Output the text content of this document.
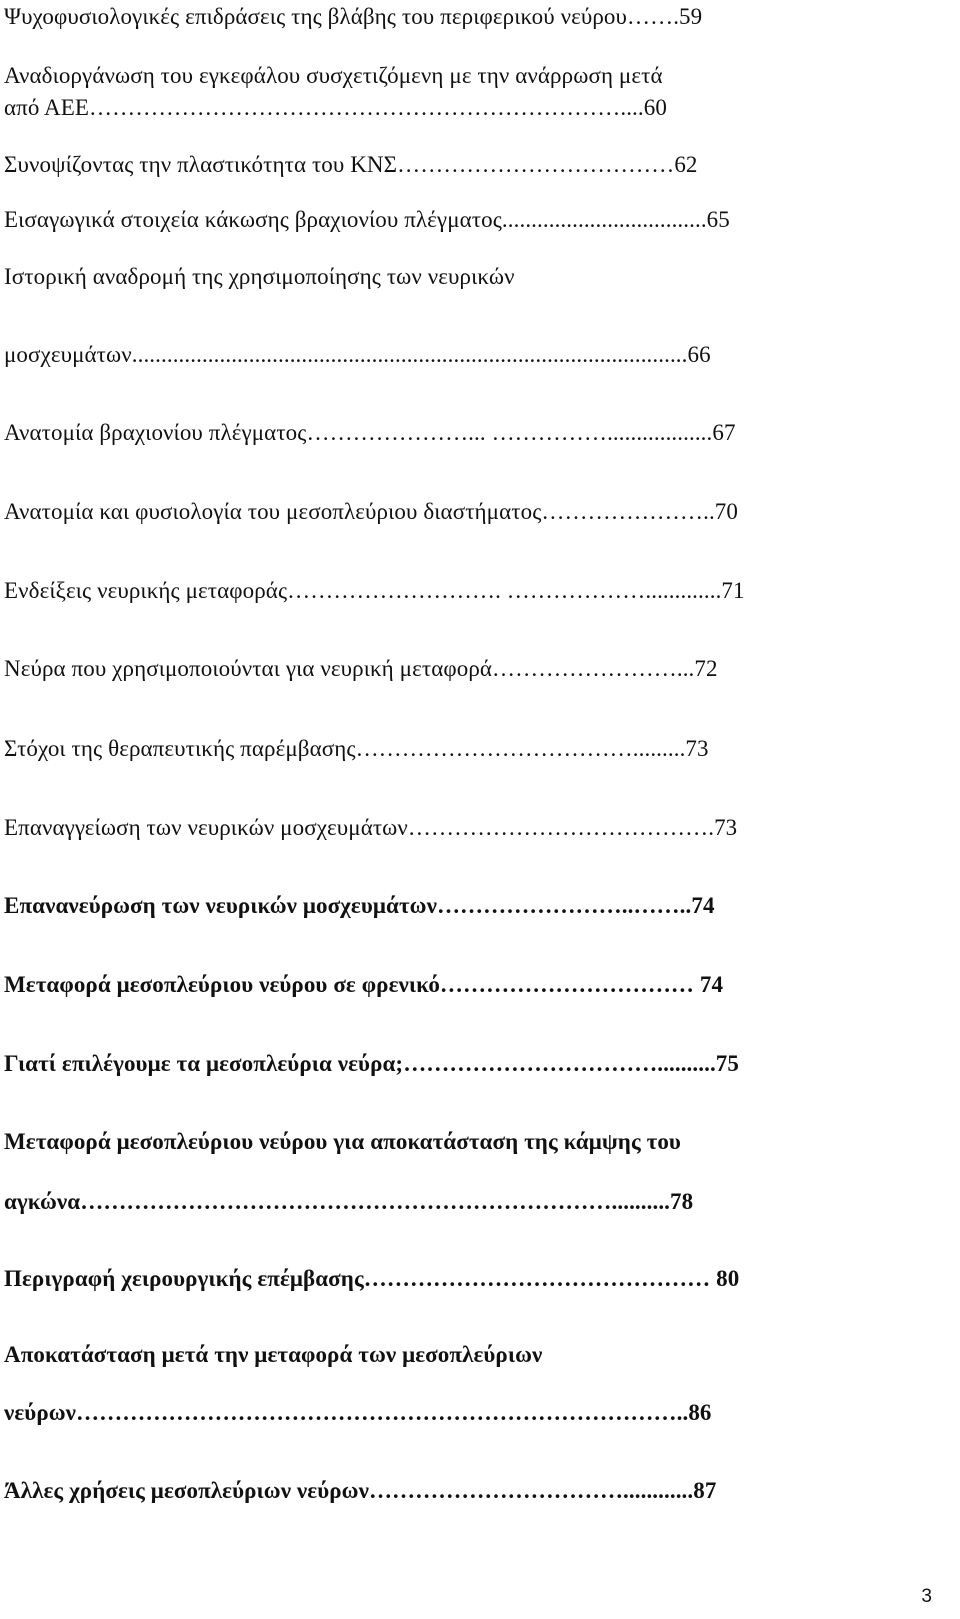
Ψυχοφυσιολογικές επιδράσεις της βλάβης του περιφερικού νεύρου…….59
Αναδιοργάνωση του εγκεφάλου συσχετιζόμενη με την ανάρρωση μετά
από ΑΕΕ……………………………………………………………....60
Συνοψίζοντας την πλαστικότητα του ΚΝΣ………………………………62
Εισαγωγικά στοιχεία κάκωσης βραχιονίου πλέγματος...................................65
Ιστορική αναδρομή της χρησιμοποίησης των νευρικών
μοσχευμάτων...............................................................................................66
Ανατομία βραχιονίου πλέγματος…………………... ……………..................67
Ανατομία και φυσιολογία του μεσοπλεύριου διαστήματος…………………..70
Ενδείξεις νευρικής μεταφοράς………………………. ……………….............71
Νεύρα που χρησιμοποιούνται για νευρική μεταφορά……………………...72
Στόχοι της θεραπευτικής παρέμβασης……………………………….........73
Επαναγγείωση των νευρικών μοσχευμάτων………………………………….73
Επανανεύρωση των νευρικών μοσχευμάτων……………………..……..74
Μεταφορά μεσοπλεύριου νεύρου σε φρενικό…………………………… 74
Γιατί επιλέγουμε τα μεσοπλεύρια νεύρα;……………………………..........75
Μεταφορά μεσοπλεύριου νεύρου για αποκατάσταση της κάμψης του
αγκώνα……………………………………………………………..........78
Περιγραφή χειρουργικής επέμβασης……………………………………… 80
Αποκατάσταση μετά την μεταφορά των μεσοπλεύριων
νεύρων……………………………………………………………………..86
Άλλες χρήσεις μεσοπλεύριων νεύρων……………………………............87
3
